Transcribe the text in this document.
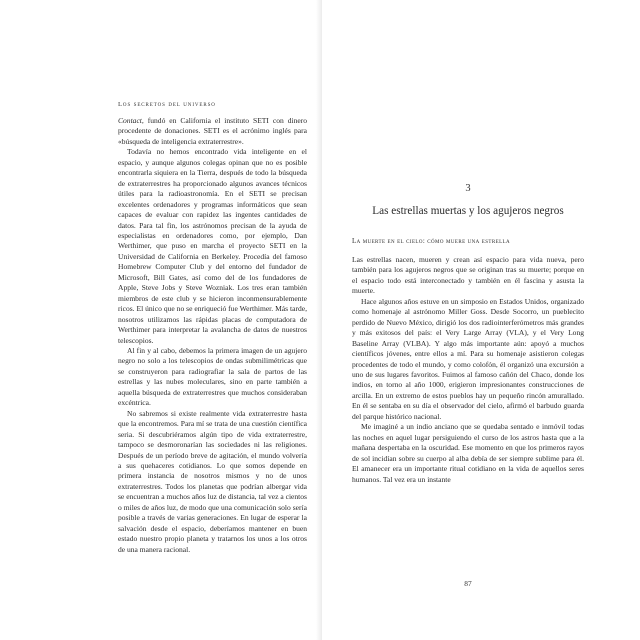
Los secretos del universo

Contact, fundó en California el instituto SETI con dinero procedente de donaciones. SETI es el acrónimo inglés para «búsqueda de inteligencia extraterrestre».

Todavía no hemos encontrado vida inteligente en el espacio, y aunque algunos colegas opinan que no es posible encontrarla siquiera en la Tierra, después de todo la búsqueda de extraterrestres ha proporcionado algunos avances técnicos útiles para la radioastronomía. En el SETI se precisan excelentes ordenadores y programas informáticos que sean capaces de evaluar con rapidez las ingentes cantidades de datos. Para tal fin, los astrónomos precisan de la ayuda de especialistas en ordenadores como, por ejemplo, Dan Werthimer, que puso en marcha el proyecto SETI en la Universidad de California en Berkeley. Procedía del famoso Homebrew Computer Club y del entorno del fundador de Microsoft, Bill Gates, así como del de los fundadores de Apple, Steve Jobs y Steve Wozniak. Los tres eran también miembros de este club y se hicieron inconmensurablemente ricos. El único que no se enriqueció fue Werthimer. Más tarde, nosotros utilizamos las rápidas placas de computadora de Werthimer para interpretar la avalancha de datos de nuestros telescopios.

Al fin y al cabo, debemos la primera imagen de un agujero negro no solo a los telescopios de ondas submilimétricas que se construyeron para radiografiar la sala de partos de las estrellas y las nubes moleculares, sino en parte también a aquella búsqueda de extraterrestres que muchos consideraban excéntrica.

No sabremos si existe realmente vida extraterrestre hasta que la encontremos. Para mí se trata de una cuestión científica seria. Si descubriéramos algún tipo de vida extraterrestre, tampoco se desmoronarían las sociedades ni las religiones. Después de un período breve de agitación, el mundo volvería a sus quehaceres cotidianos. Lo que somos depende en primera instancia de nosotros mismos y no de unos extraterrestres. Todos los planetas que podrían albergar vida se encuentran a muchos años luz de distancia, tal vez a cientos o miles de años luz, de modo que una comunicación solo sería posible a través de varias generaciones. En lugar de esperar la salvación desde el espacio, deberíamos mantener en buen estado nuestro propio planeta y tratarnos los unos a los otros de una manera racional.

3
Las estrellas muertas y los agujeros negros
La muerte en el cielo: cómo muere una estrella

Las estrellas nacen, mueren y crean así espacio para vida nueva, pero también para los agujeros negros que se originan tras su muerte; porque en el espacio todo está interconectado y también en él fascina y asusta la muerte.

Hace algunos años estuve en un simposio en Estados Unidos, organizado como homenaje al astrónomo Miller Goss. Desde Socorro, un pueblecito perdido de Nuevo México, dirigió los dos radiointerferómetros más grandes y más exitosos del país: el Very Large Array (VLA), y el Very Long Baseline Array (VLBA). Y algo más importante aún: apoyó a muchos científicos jóvenes, entre ellos a mí. Para su homenaje asistieron colegas procedentes de todo el mundo, y como colofón, él organizó una excursión a uno de sus lugares favoritos. Fuimos al famoso cañón del Chaco, donde los indios, en torno al año 1000, erigieron impresionantes construcciones de arcilla. En un extremo de estos pueblos hay un pequeño rincón amurallado. En él se sentaba en su día el observador del cielo, afirmó el barbudo guarda del parque histórico nacional.

Me imaginé a un indio anciano que se quedaba sentado e inmóvil todas las noches en aquel lugar persiguiendo el curso de los astros hasta que a la mañana despertaba en la oscuridad. Ese momento en que los primeros rayos de sol incidían sobre su cuerpo al alba debía de ser siempre sublime para él. El amanecer era un importante ritual cotidiano en la vida de aquellos seres humanos. Tal vez era un instante

87
